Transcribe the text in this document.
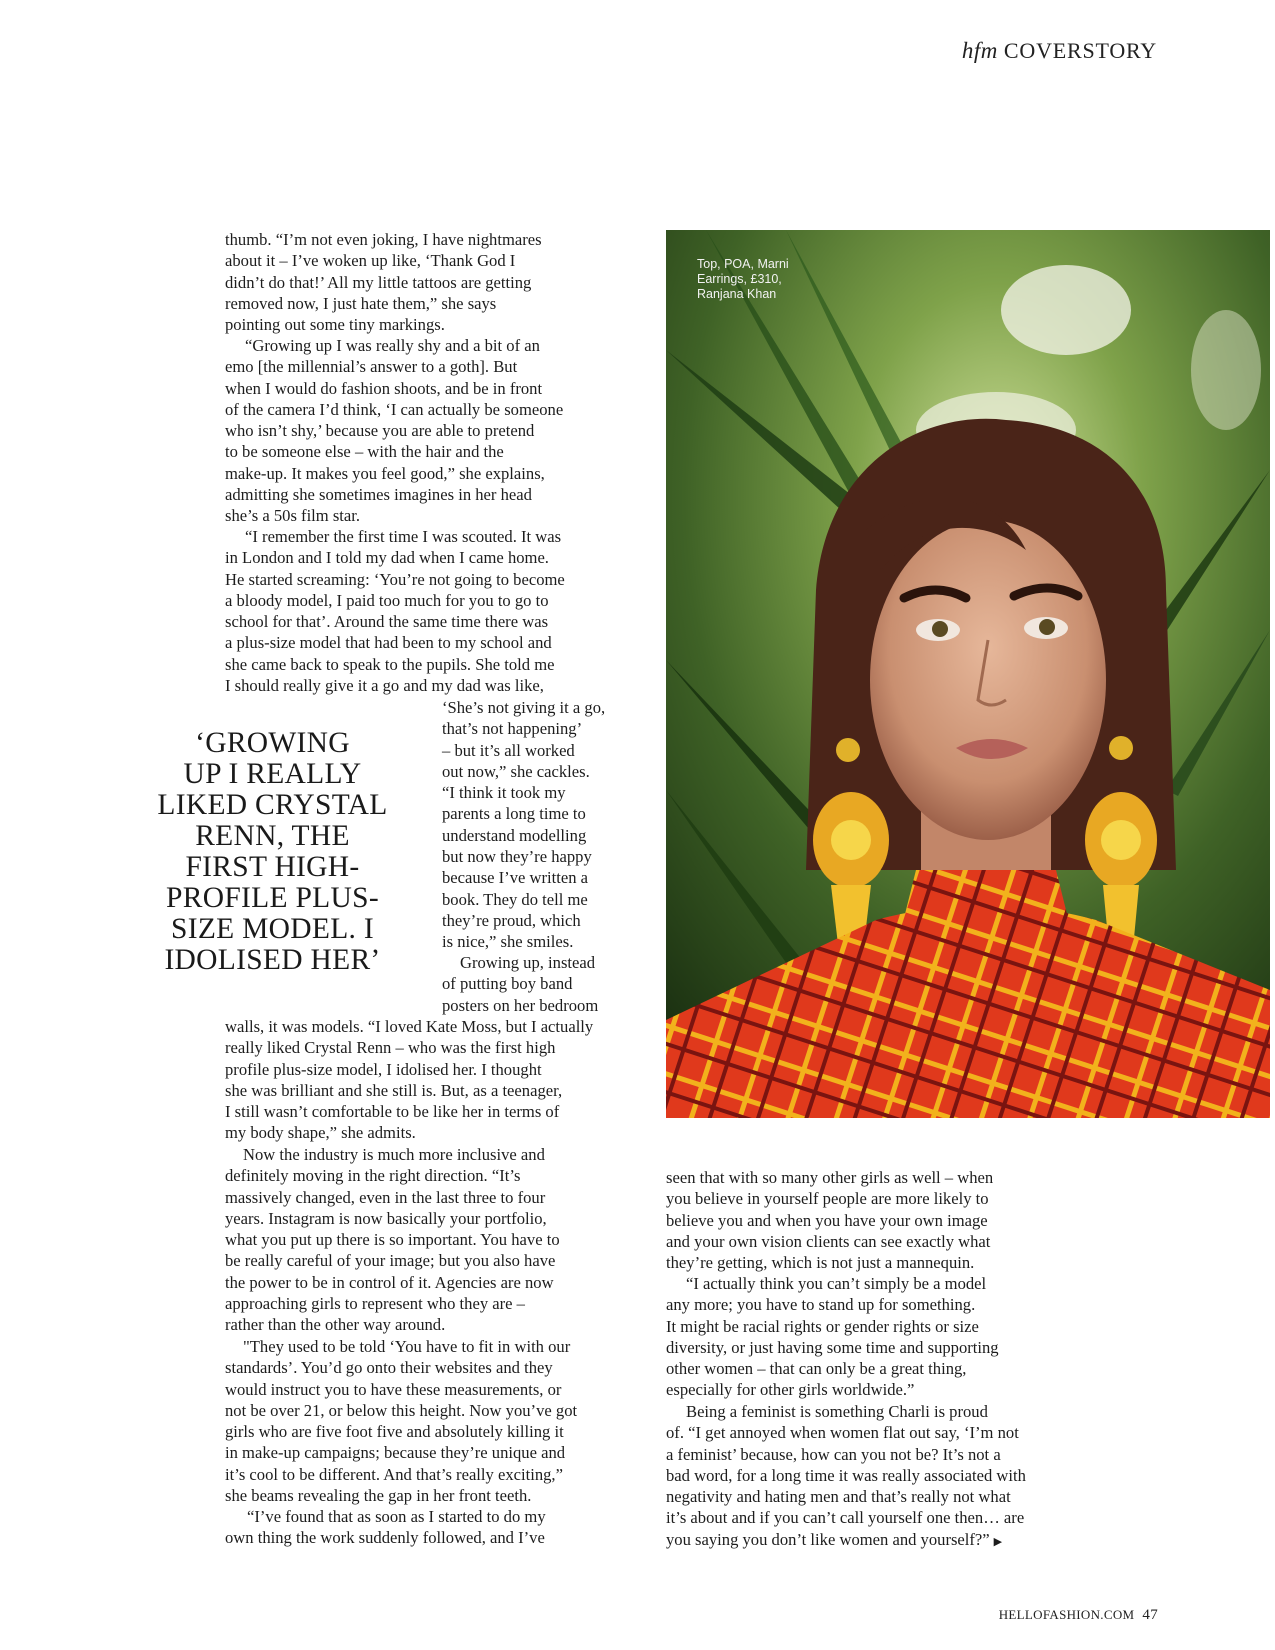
hfm COVERSTORY
thumb. “I’m not even joking, I have nightmares
about it – I’ve woken up like, ‘Thank God I
didn’t do that!’ All my little tattoos are getting
removed now, I just hate them,” she says
pointing out some tiny markings.
“Growing up I was really shy and a bit of an
emo [the millennial’s answer to a goth]. But
when I would do fashion shoots, and be in front
of the camera I’d think, ‘I can actually be someone
who isn’t shy,’ because you are able to pretend
to be someone else – with the hair and the
make-up. It makes you feel good,” she explains,
admitting she sometimes imagines in her head
she’s a 50s film star.
“I remember the first time I was scouted. It was
in London and I told my dad when I came home.
He started screaming: ‘You’re not going to become
a bloody model, I paid too much for you to go to
school for that’. Around the same time there was
a plus-size model that had been to my school and
she came back to speak to the pupils. She told me
I should really give it a go and my dad was like,
‘She’s not giving it a go,
that’s not happening’
– but it’s all worked
out now,” she cackles.
“I think it took my
parents a long time to
understand modelling
but now they’re happy
because I’ve written a
book. They do tell me
they’re proud, which
is nice,” she smiles.
Growing up, instead
of putting boy band
posters on her bedroom
walls, it was models. “I loved Kate Moss, but I actually
really liked Crystal Renn – who was the first high
profile plus-size model, I idolised her. I thought
she was brilliant and she still is. But, as a teenager,
I still wasn’t comfortable to be like her in terms of
my body shape,” she admits.
Now the industry is much more inclusive and
definitely moving in the right direction. “It’s
massively changed, even in the last three to four
years. Instagram is now basically your portfolio,
what you put up there is so important. You have to
be really careful of your image; but you also have
the power to be in control of it. Agencies are now
approaching girls to represent who they are –
rather than the other way around.
"They used to be told ‘You have to fit in with our
standards’. You’d go onto their websites and they
would instruct you to have these measurements, or
not be over 21, or below this height. Now you’ve got
girls who are five foot five and absolutely killing it
in make-up campaigns; because they’re unique and
it’s cool to be different. And that’s really exciting,”
she beams revealing the gap in her front teeth.
“I’ve found that as soon as I started to do my
own thing the work suddenly followed, and I’ve
‘GROWING
UP I REALLY
LIKED CRYSTAL
RENN, THE
FIRST HIGH-
PROFILE PLUS-
SIZE MODEL. I
IDOLISED HER’
Top, POA, Marni
Earrings, £310,
Ranjana Khan
seen that with so many other girls as well – when
you believe in yourself people are more likely to
believe you and when you have your own image
and your own vision clients can see exactly what
they’re getting, which is not just a mannequin.
“I actually think you can’t simply be a model
any more; you have to stand up for something.
It might be racial rights or gender rights or size
diversity, or just having some time and supporting
other women – that can only be a great thing,
especially for other girls worldwide.”
Being a feminist is something Charli is proud
of. “I get annoyed when women flat out say, ‘I’m not
a feminist’ because, how can you not be? It’s not a
bad word, for a long time it was really associated with
negativity and hating men and that’s really not what
it’s about and if you can’t call yourself one then… are
you saying you don’t like women and yourself?” ▶
HELLOFASHION.COM 47
